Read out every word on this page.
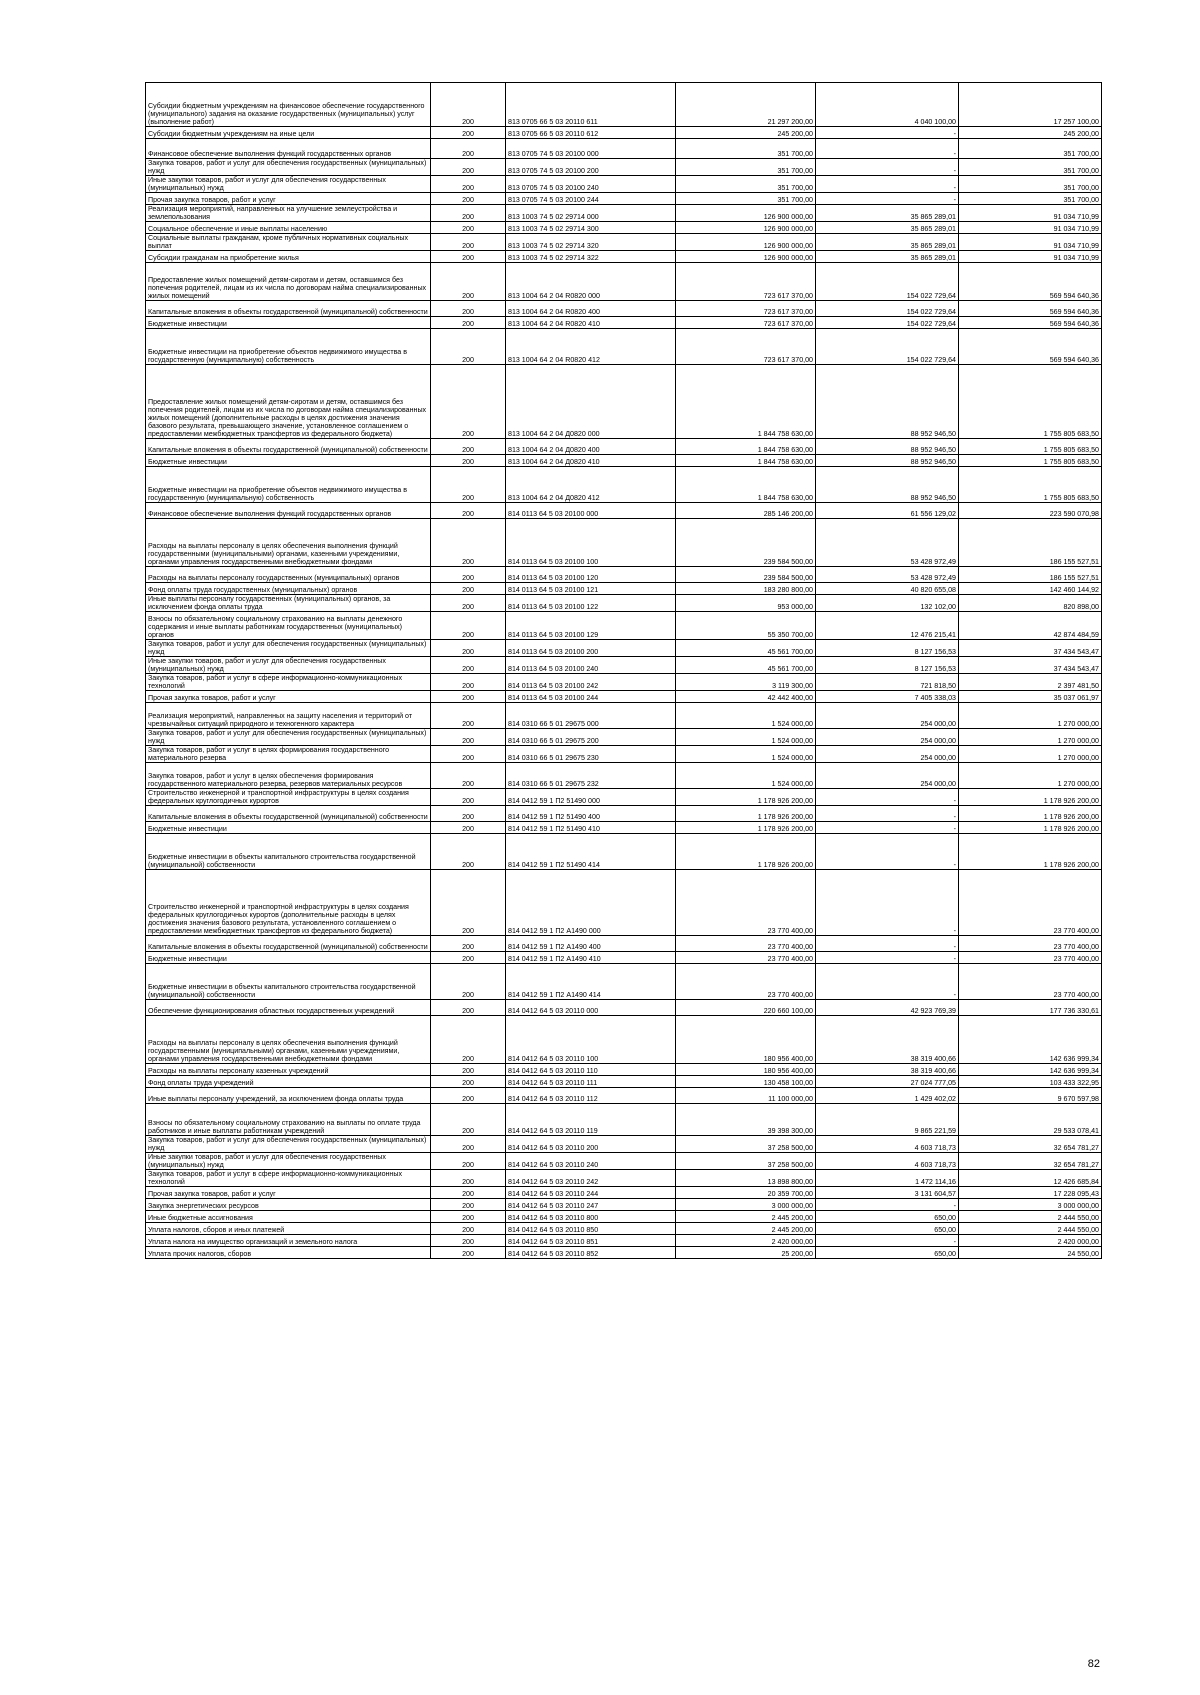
Субсидии бюджетным учреждениям на финансовое обеспечение государственного (муниципального) задания на оказание государственных (муниципальных) услуг (выполнение работ)	200	813 0705 66 5 03 20110 611	21 297 200,00	4 040 100,00	17 257 100,00
Субсидии бюджетным учреждениям на иные цели	200	813 0705 66 5 03 20110 612	245 200,00	-	245 200,00
Финансовое обеспечение выполнения функций государственных органов	200	813 0705 74 5 03 20100 000	351 700,00	-	351 700,00
Закупка товаров, работ и услуг для обеспечения государственных (муниципальных) нужд	200	813 0705 74 5 03 20100 200	351 700,00	-	351 700,00
Иные закупки товаров, работ и услуг для обеспечения государственных (муниципальных) нужд	200	813 0705 74 5 03 20100 240	351 700,00	-	351 700,00
Прочая закупка товаров, работ и услуг	200	813 0705 74 5 03 20100 244	351 700,00	-	351 700,00
Реализация мероприятий, направленных на улучшение землеустройства и землепользования	200	813 1003 74 5 02 29714 000	126 900 000,00	35 865 289,01	91 034 710,99
Социальное обеспечение и иные выплаты населению	200	813 1003 74 5 02 29714 300	126 900 000,00	35 865 289,01	91 034 710,99
Социальные выплаты гражданам, кроме публичных нормативных социальных выплат	200	813 1003 74 5 02 29714 320	126 900 000,00	35 865 289,01	91 034 710,99
Субсидии гражданам на приобретение жилья	200	813 1003 74 5 02 29714 322	126 900 000,00	35 865 289,01	91 034 710,99
Предоставление жилых помещений детям-сиротам и детям, оставшимся без попечения родителей, лицам из их числа по договорам найма специализированных жилых помещений	200	813 1004 64 2 04 R0820 000	723 617 370,00	154 022 729,64	569 594 640,36
Капитальные вложения в объекты государственной (муниципальной) собственности	200	813 1004 64 2 04 R0820 400	723 617 370,00	154 022 729,64	569 594 640,36
Бюджетные инвестиции	200	813 1004 64 2 04 R0820 410	723 617 370,00	154 022 729,64	569 594 640,36
Бюджетные инвестиции на приобретение объектов недвижимого имущества в государственную (муниципальную) собственность	200	813 1004 64 2 04 R0820 412	723 617 370,00	154 022 729,64	569 594 640,36
Предоставление жилых помещений детям-сиротам и детям, оставшимся без попечения родителей, лицам из их числа по договорам найма специализированных жилых помещений (дополнительные расходы в целях достижения значения базового результата, превышающего значение, установленное соглашением о предоставлении межбюджетных трансфертов из федерального бюджета)	200	813 1004 64 2 04 Д0820 000	1 844 758 630,00	88 952 946,50	1 755 805 683,50
Капитальные вложения в объекты государственной (муниципальной) собственности	200	813 1004 64 2 04 Д0820 400	1 844 758 630,00	88 952 946,50	1 755 805 683,50
Бюджетные инвестиции	200	813 1004 64 2 04 Д0820 410	1 844 758 630,00	88 952 946,50	1 755 805 683,50
Бюджетные инвестиции на приобретение объектов недвижимого имущества в государственную (муниципальную) собственность	200	813 1004 64 2 04 Д0820 412	1 844 758 630,00	88 952 946,50	1 755 805 683,50
Финансовое обеспечение выполнения функций государственных органов	200	814 0113 64 5 03 20100 000	285 146 200,00	61 556 129,02	223 590 070,98
Расходы на выплаты персоналу в целях обеспечения выполнения функций государственными (муниципальными) органами, казенными учреждениями, органами управления государственными внебюджетными фондами	200	814 0113 64 5 03 20100 100	239 584 500,00	53 428 972,49	186 155 527,51
Расходы на выплаты персоналу государственных (муниципальных) органов	200	814 0113 64 5 03 20100 120	239 584 500,00	53 428 972,49	186 155 527,51
Фонд оплаты труда государственных (муниципальных) органов	200	814 0113 64 5 03 20100 121	183 280 800,00	40 820 655,08	142 460 144,92
Иные выплаты персоналу государственных (муниципальных) органов, за исключением фонда оплаты труда	200	814 0113 64 5 03 20100 122	953 000,00	132 102,00	820 898,00
Взносы по обязательному социальному страхованию на выплаты денежного содержания и иные выплаты работникам государственных (муниципальных) органов	200	814 0113 64 5 03 20100 129	55 350 700,00	12 476 215,41	42 874 484,59
Закупка товаров, работ и услуг для обеспечения государственных (муниципальных) нужд	200	814 0113 64 5 03 20100 200	45 561 700,00	8 127 156,53	37 434 543,47
Иные закупки товаров, работ и услуг для обеспечения государственных (муниципальных) нужд	200	814 0113 64 5 03 20100 240	45 561 700,00	8 127 156,53	37 434 543,47
Закупка товаров, работ и услуг в сфере информационно-коммуникационных технологий	200	814 0113 64 5 03 20100 242	3 119 300,00	721 818,50	2 397 481,50
Прочая закупка товаров, работ и услуг	200	814 0113 64 5 03 20100 244	42 442 400,00	7 405 338,03	35 037 061,97
Реализация мероприятий, направленных на защиту населения и территорий от чрезвычайных ситуаций природного и техногенного характера	200	814 0310 66 5 01 29675 000	1 524 000,00	254 000,00	1 270 000,00
Закупка товаров, работ и услуг для обеспечения государственных (муниципальных) нужд	200	814 0310 66 5 01 29675 200	1 524 000,00	254 000,00	1 270 000,00
Закупка товаров, работ и услуг в целях формирования государственного материального резерва	200	814 0310 66 5 01 29675 230	1 524 000,00	254 000,00	1 270 000,00
Закупка товаров, работ и услуг в целях обеспечения формирования государственного материального резерва, резервов материальных ресурсов	200	814 0310 66 5 01 29675 232	1 524 000,00	254 000,00	1 270 000,00
Строительство инженерной и транспортной инфраструктуры в целях создания федеральных круглогодичных курортов	200	814 0412 59 1 П2 51490 000	1 178 926 200,00	-	1 178 926 200,00
Капитальные вложения в объекты государственной (муниципальной) собственности	200	814 0412 59 1 П2 51490 400	1 178 926 200,00	-	1 178 926 200,00
Бюджетные инвестиции	200	814 0412 59 1 П2 51490 410	1 178 926 200,00	-	1 178 926 200,00
Бюджетные инвестиции в объекты капитального строительства государственной (муниципальной) собственности	200	814 0412 59 1 П2 51490 414	1 178 926 200,00	-	1 178 926 200,00
Строительство инженерной и транспортной инфраструктуры в целях создания федеральных круглогодичных курортов (дополнительные расходы в целях достижения значения базового результата, установленного соглашением о предоставлении межбюджетных трансфертов из федерального бюджета)	200	814 0412 59 1 П2 А1490 000	23 770 400,00	-	23 770 400,00
Капитальные вложения в объекты государственной (муниципальной) собственности	200	814 0412 59 1 П2 А1490 400	23 770 400,00	-	23 770 400,00
Бюджетные инвестиции	200	814 0412 59 1 П2 А1490 410	23 770 400,00	-	23 770 400,00
Бюджетные инвестиции в объекты капитального строительства государственной (муниципальной) собственности	200	814 0412 59 1 П2 А1490 414	23 770 400,00	-	23 770 400,00
Обеспечение функционирования областных государственных учреждений	200	814 0412 64 5 03 20110 000	220 660 100,00	42 923 769,39	177 736 330,61
Расходы на выплаты персоналу в целях обеспечения выполнения функций государственными (муниципальными) органами, казенными учреждениями, органами управления государственными внебюджетными фондами	200	814 0412 64 5 03 20110 100	180 956 400,00	38 319 400,66	142 636 999,34
Расходы на выплаты персоналу казенных учреждений	200	814 0412 64 5 03 20110 110	180 956 400,00	38 319 400,66	142 636 999,34
Фонд оплаты труда учреждений	200	814 0412 64 5 03 20110 111	130 458 100,00	27 024 777,05	103 433 322,95
Иные выплаты персоналу учреждений, за исключением фонда оплаты труда	200	814 0412 64 5 03 20110 112	11 100 000,00	1 429 402,02	9 670 597,98
Взносы по обязательному социальному страхованию на выплаты по оплате труда работников и иные выплаты работникам учреждений	200	814 0412 64 5 03 20110 119	39 398 300,00	9 865 221,59	29 533 078,41
Закупка товаров, работ и услуг для обеспечения государственных (муниципальных) нужд	200	814 0412 64 5 03 20110 200	37 258 500,00	4 603 718,73	32 654 781,27
Иные закупки товаров, работ и услуг для обеспечения государственных (муниципальных) нужд	200	814 0412 64 5 03 20110 240	37 258 500,00	4 603 718,73	32 654 781,27
Закупка товаров, работ и услуг в сфере информационно-коммуникационных технологий	200	814 0412 64 5 03 20110 242	13 898 800,00	1 472 114,16	12 426 685,84
Прочая закупка товаров, работ и услуг	200	814 0412 64 5 03 20110 244	20 359 700,00	3 131 604,57	17 228 095,43
Закупка энергетических ресурсов	200	814 0412 64 5 03 20110 247	3 000 000,00	-	3 000 000,00
Иные бюджетные ассигнования	200	814 0412 64 5 03 20110 800	2 445 200,00	650,00	2 444 550,00
Уплата налогов, сборов и иных платежей	200	814 0412 64 5 03 20110 850	2 445 200,00	650,00	2 444 550,00
Уплата налога на имущество организаций и земельного налога	200	814 0412 64 5 03 20110 851	2 420 000,00	-	2 420 000,00
Уплата прочих налогов, сборов	200	814 0412 64 5 03 20110 852	25 200,00	650,00	24 550,00
82
